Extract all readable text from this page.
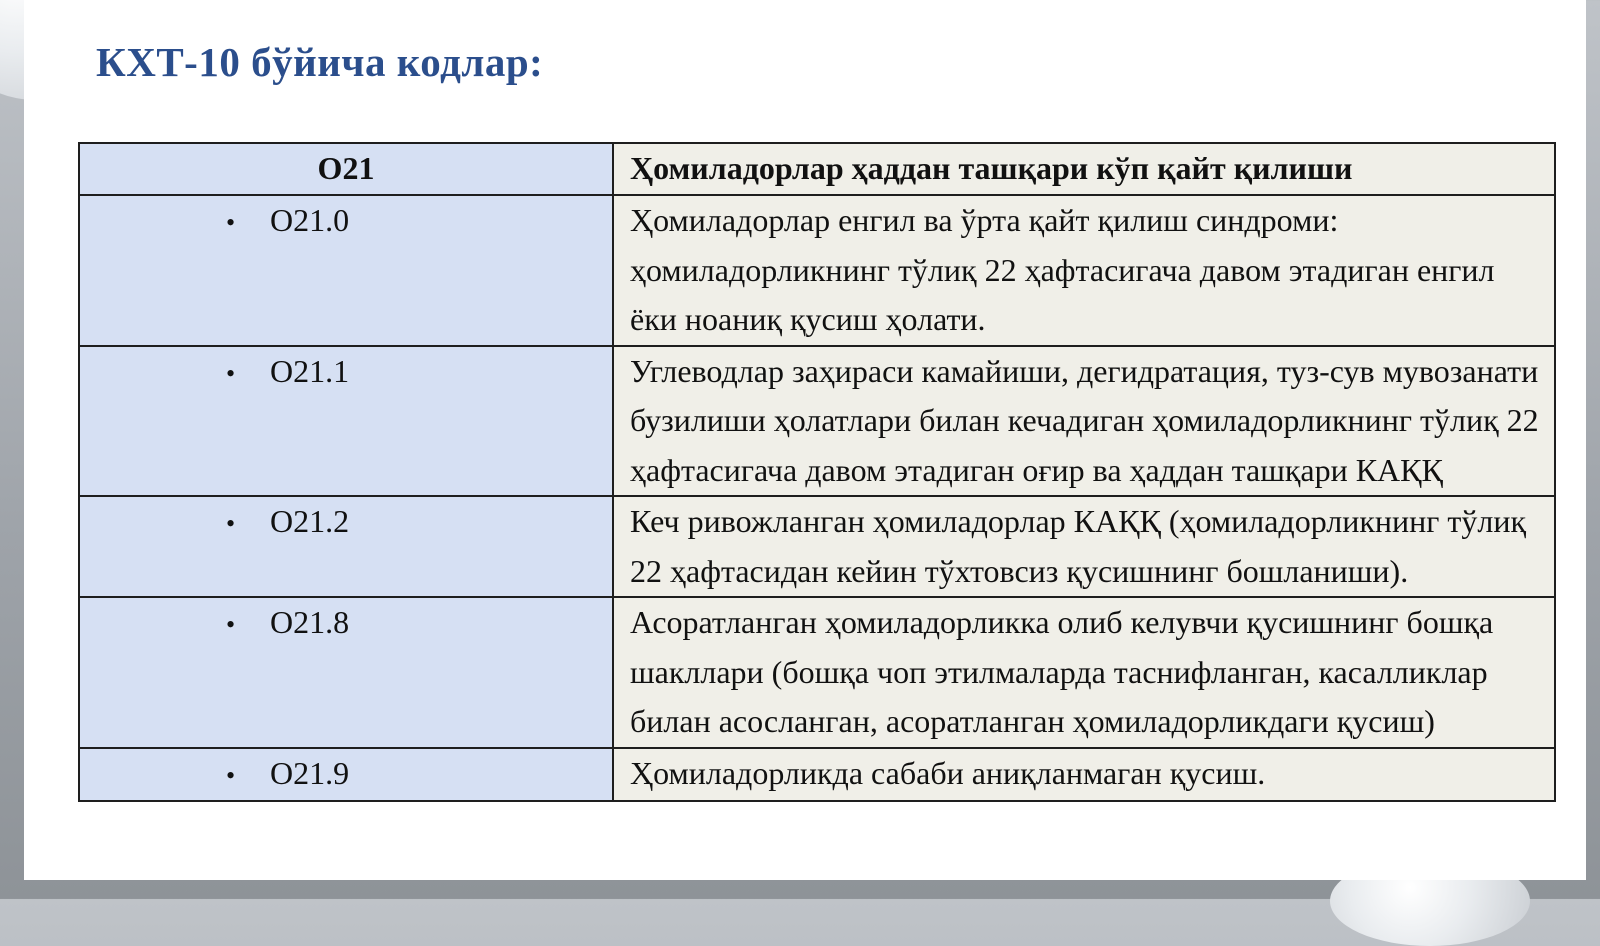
КХТ-10 бўйича кодлар:
O21	Ҳомиладорлар ҳаддан ташқари кўп қайт қилиши
• O21.0	Ҳомиладорлар енгил ва ўрта қайт қилиш синдроми: ҳомиладорликнинг тўлиқ 22 ҳафтасигача давом этадиган енгил ёки ноаниқ қусиш ҳолати.
• O21.1	Углеводлар заҳираси камайиши, дегидратация, туз-сув мувозанати бузилиши ҳолатлари билан кечадиган ҳомиладорликнинг тўлиқ 22 ҳафтасигача давом этадиган оғир ва ҳаддан ташқари КАҚҚ
• O21.2	Кеч ривожланган ҳомиладорлар КАҚҚ (ҳомиладорликнинг тўлиқ 22 ҳафтасидан кейин тўхтовсиз қусишнинг бошланиши).
• O21.8	Асоратланган ҳомиладорликка олиб келувчи қусишнинг бошқа шакллари (бошқа чоп этилмаларда таснифланган, касалликлар билан асосланган, асоратланган ҳомиладорликдаги қусиш)
• O21.9	Ҳомиладорликда сабаби аниқланмаган қусиш.
